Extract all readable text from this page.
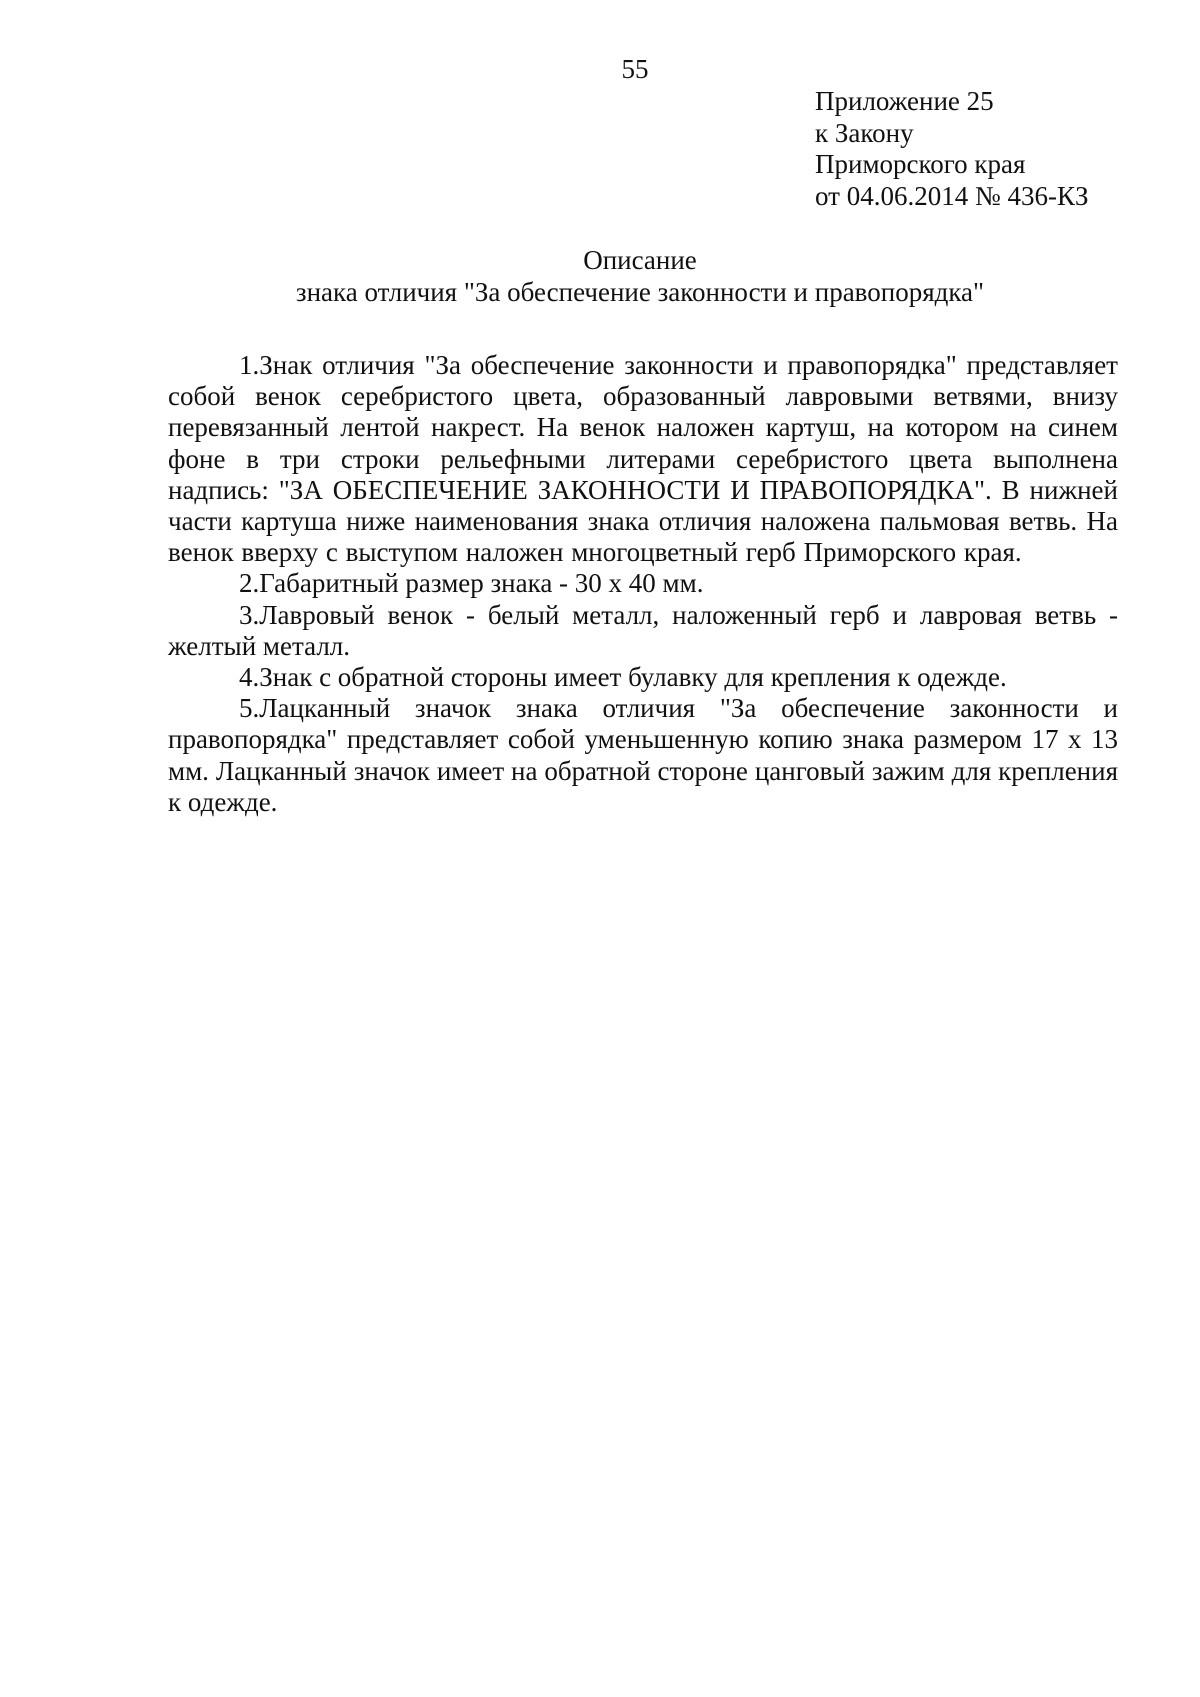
55
Приложение 25
к Закону
Приморского края
от 04.06.2014 № 436-КЗ
Описание
знака отличия "За обеспечение законности и правопорядка"

1.Знак отличия "За обеспечение законности и правопорядка" представляет собой венок серебристого цвета, образованный лавровыми ветвями, внизу перевязанный лентой накрест. На венок наложен картуш, на котором на синем фоне в три строки рельефными литерами серебристого цвета выполнена надпись: "ЗА ОБЕСПЕЧЕНИЕ ЗАКОННОСТИ И ПРАВОПОРЯДКА". В нижней части картуша ниже наименования знака отличия наложена пальмовая ветвь. На венок вверху с выступом наложен многоцветный герб Приморского края.

2.Габаритный размер знака - 30 x 40 мм.

3.Лавровый венок - белый металл, наложенный герб и лавровая ветвь - желтый металл.

4.Знак с обратной стороны имеет булавку для крепления к одежде.

5.Лацканный значок знака отличия "За обеспечение законности и правопорядка" представляет собой уменьшенную копию знака размером 17 x 13 мм. Лацканный значок имеет на обратной стороне цанговый зажим для крепления к одежде.
